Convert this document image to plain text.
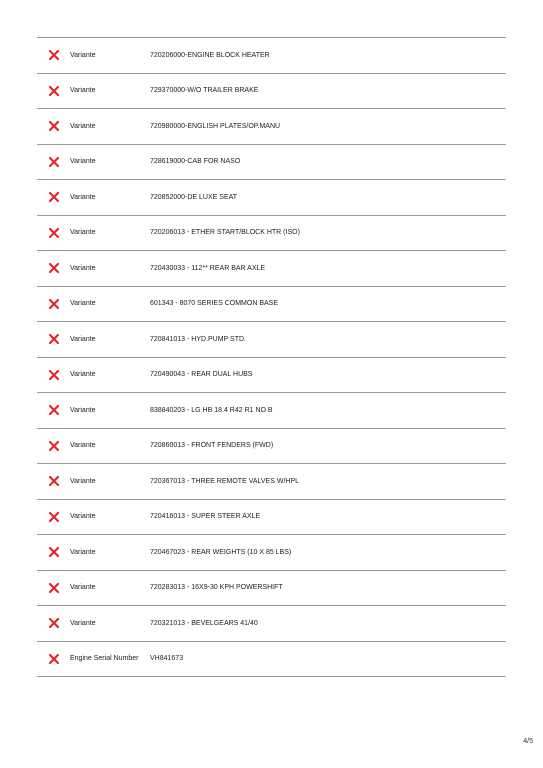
Variante	720206000-ENGINE BLOCK HEATER
Variante	729370000-W/O TRAILER BRAKE
Variante	720980000-ENGLISH PLATES/OP.MANU
Variante	728619000-CAB FOR NASO
Variante	720852000-DE LUXE SEAT
Variante	720206013 - ETHER START/BLOCK HTR (ISO)
Variante	720430033 - 112** REAR BAR AXLE
Variante	601343 - 8070 SERIES COMMON BASE
Variante	720841013 - HYD.PUMP STD.
Variante	720490043 - REAR DUAL HUBS
Variante	838840203 - LG HB 18.4 R42 R1 NO B
Variante	720860013 - FRONT FENDERS (FWD)
Variante	720367013 - THREE REMOTE VALVES W/HPL
Variante	720416013 - SUPER STEER AXLE
Variante	720467023 - REAR WEIGHTS (10 X 85 LBS)
Variante	720283013 - 16X9-30 KPH POWERSHIFT
Variante	720321013 - BEVELGEARS 41/40
Engine Serial Number	VH841673
4/5
